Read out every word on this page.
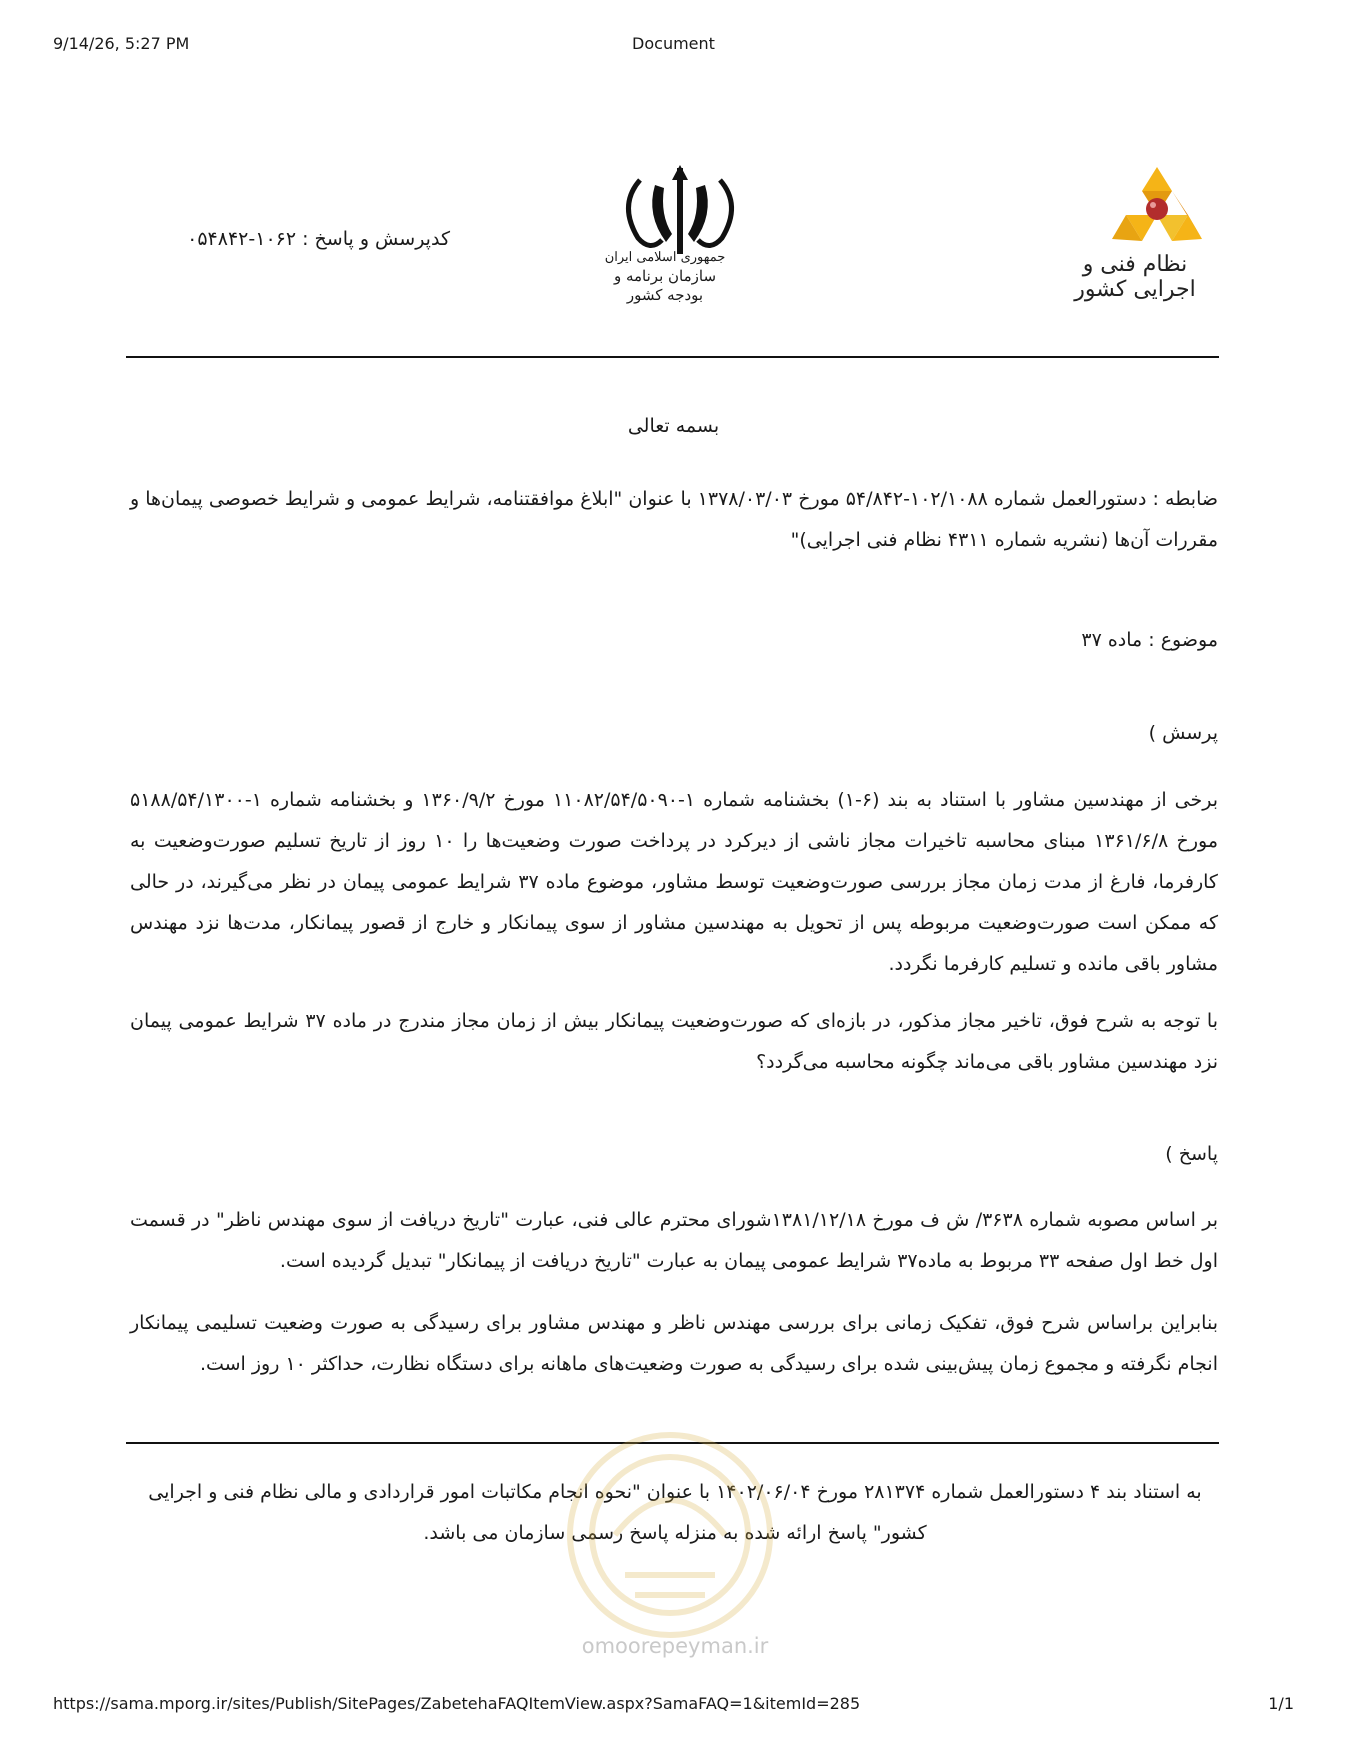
9/14/26, 5:27 PM	Document
https://sama.mporg.ir/sites/Publish/SitePages/ZabetehaFAQItemView.aspx?SamaFAQ=1&itemId=285	1/1
کدپرسش و پاسخ : ۱۰۶۲-۰۵۴۸۴۲
جمهوری اسلامی ایران
سازمان برنامه و بودجه کشور
نظام فنی و اجرایی کشور
بسمه تعالی
ضابطه : دستورالعمل شماره ۱۰۲/۱۰۸۸-۵۴/۸۴۲ مورخ ۱۳۷۸/۰۳/۰۳ با عنوان "ابلاغ موافقتنامه، شرایط عمومی و شرایط خصوصی پیمان‌ها و مقررات آن‌ها (نشریه شماره ۴۳۱۱ نظام فنی اجرایی)"
موضوع : ماده ۳۷
پرسش )
برخی از مهندسین مشاور با استناد به بند (۶-۱) بخشنامه شماره ۱-۱۱۰۸۲/۵۴/۵۰۹۰ مورخ ۱۳۶۰/۹/۲ و بخشنامه شماره ۱-۵۱۸۸/۵۴/۱۳۰۰ مورخ ۱۳۶۱/۶/۸ مبنای محاسبه تاخیرات مجاز ناشی از دیرکرد در پرداخت صورت وضعیت‌ها را ۱۰ روز از تاریخ تسلیم صورت‌وضعیت به کارفرما، فارغ از مدت زمان مجاز بررسی صورت‌وضعیت توسط مشاور، موضوع ماده ۳۷ شرایط عمومی پیمان در نظر می‌گیرند، در حالی که ممکن است صورت‌وضعیت مربوطه پس از تحویل به مهندسین مشاور از سوی پیمانکار و خارج از قصور پیمانکار، مدت‌ها نزد مهندس مشاور باقی مانده و تسلیم کارفرما نگردد.
با توجه به شرح فوق، تاخیر مجاز مذکور، در بازه‌ای که صورت‌وضعیت پیمانکار بیش از زمان مجاز مندرج در ماده ۳۷ شرایط عمومی پیمان نزد مهندسین مشاور باقی می‌ماند چگونه محاسبه می‌گردد؟
پاسخ )
بر اساس مصوبه شماره ۳۶۳۸/ ش ف مورخ ۱۳۸۱/۱۲/۱۸شورای محترم عالی فنی، عبارت "تاریخ دریافت از سوی مهندس ناظر" در قسمت اول خط اول صفحه ۳۳ مربوط به ماده۳۷ شرایط عمومی پیمان به عبارت "تاریخ دریافت از پیمانکار" تبدیل گردیده است.
بنابراین براساس شرح فوق، تفکیک زمانی برای بررسی مهندس ناظر و مهندس مشاور برای رسیدگی به صورت وضعیت تسلیمی پیمانکار انجام نگرفته و مجموع زمان پیش‌بینی شده برای رسیدگی به صورت وضعیت‌های ماهانه برای دستگاه نظارت، حداکثر ۱۰ روز است.
به استناد بند ۴ دستورالعمل شماره ۲۸۱۳۷۴ مورخ ۱۴۰۲/۰۶/۰۴ با عنوان "نحوه انجام مکاتبات امور قراردادی و مالی نظام فنی و اجرایی کشور" پاسخ ارائه شده به منزله پاسخ رسمی سازمان می باشد.
omoorepeyman.ir
